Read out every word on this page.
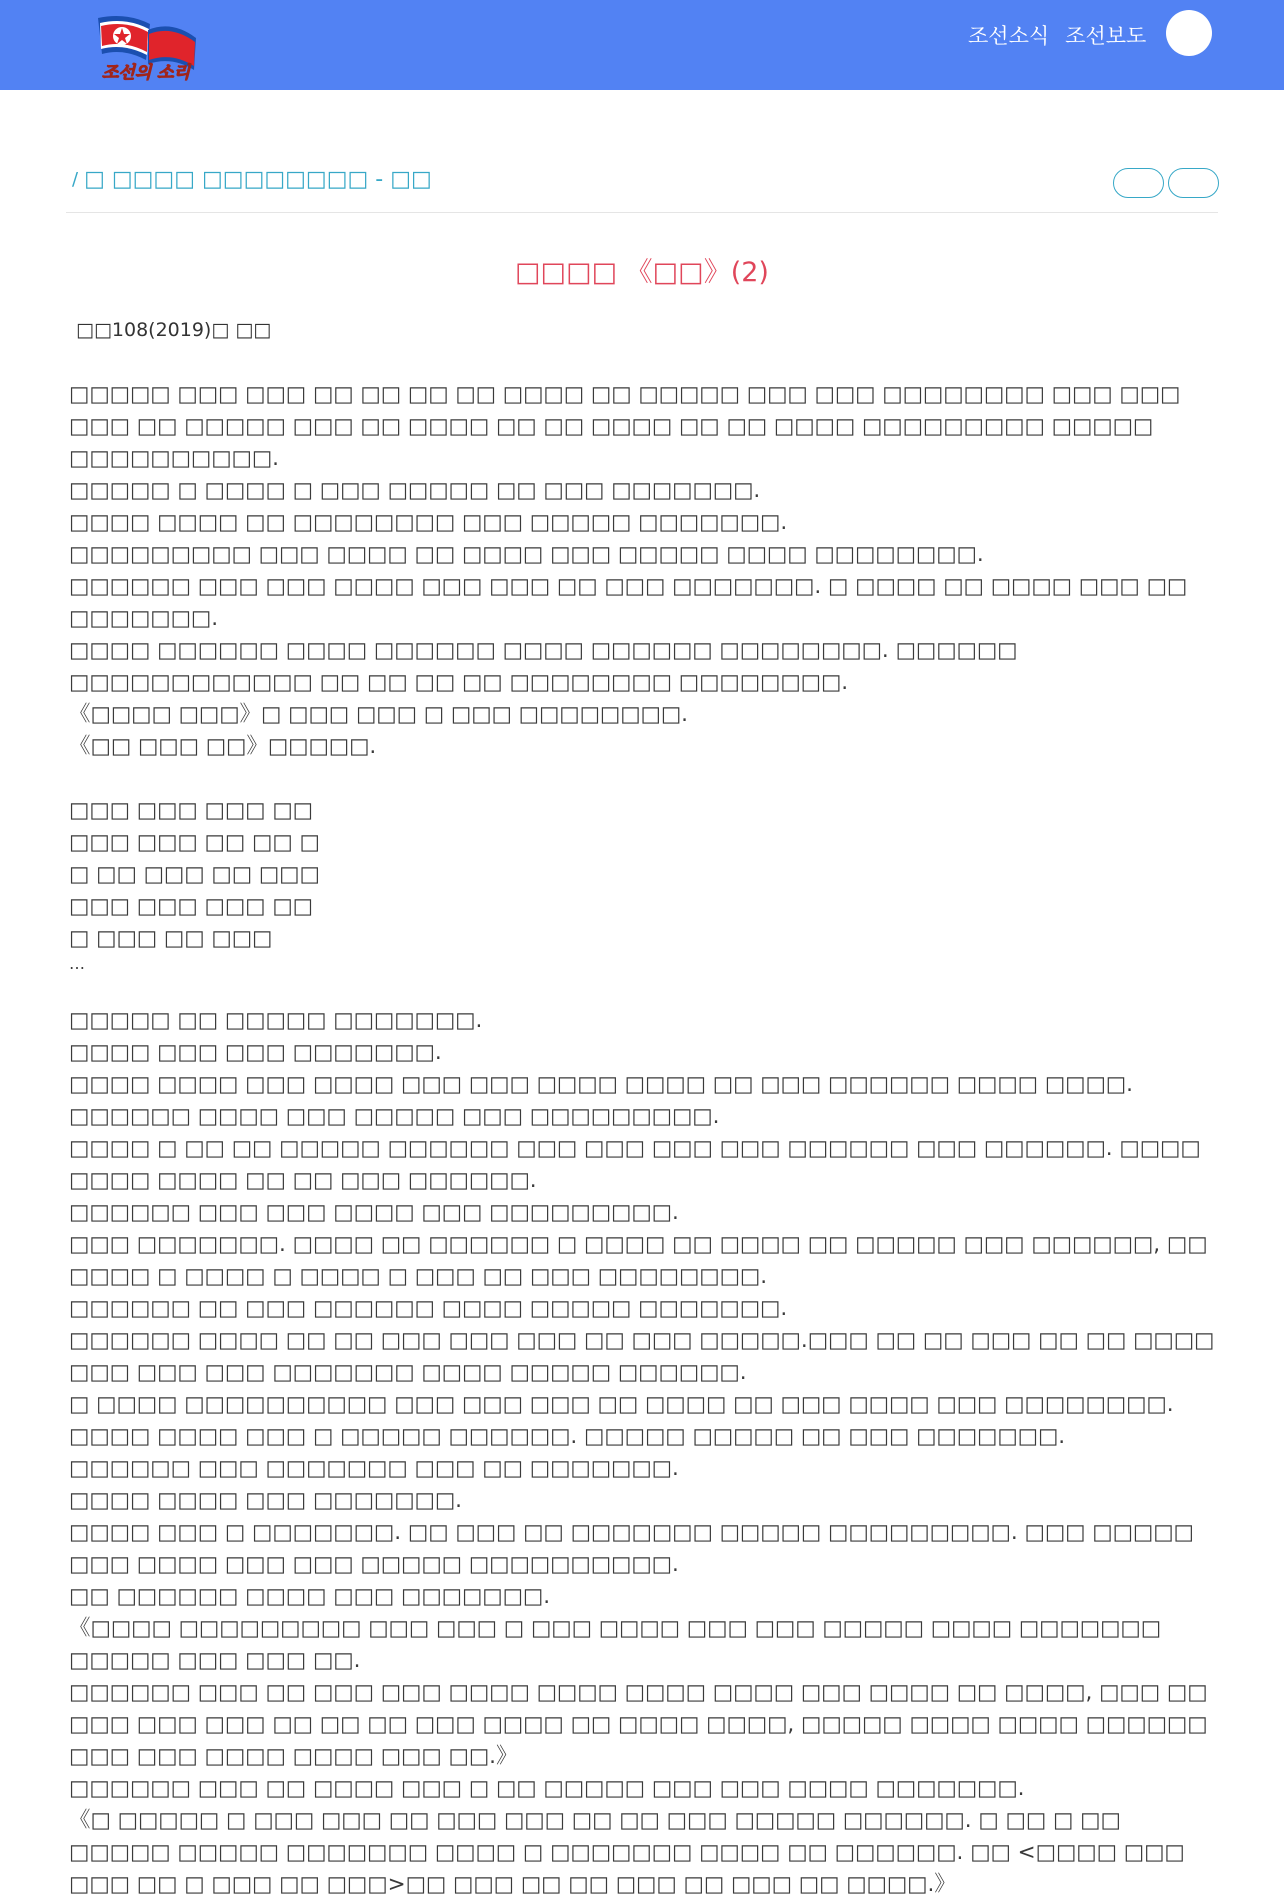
조선의 소리
조선소식 조선보도
/ □ □□□□ □□□□□□□□ - □□
□□□□ 《□□》(2)
□□108(2019)□ □□

□□□□□ □□□ □□□ □□ □□ □□ □□ □□□□ □□ □□□□□ □□□ □□□ □□□□□□□□ □□□ □□□ □□□ □□ □□□□□ □□□ □□ □□□□ □□ □□ □□□□ □□ □□ □□□□ □□□□□□□□□ □□□□□ □□□□□□□□□□.

□□□□□ □ □□□□ □ □□□ □□□□□ □□ □□□ □□□□□□□.

□□□□ □□□□ □□ □□□□□□□□ □□□ □□□□□ □□□□□□□.

□□□□□□□□□ □□□ □□□□ □□ □□□□ □□□ □□□□□ □□□□ □□□□□□□□.

□□□□□□ □□□ □□□ □□□□ □□□ □□□ □□ □□□ □□□□□□□. □ □□□□ □□ □□□□ □□□ □□ □□□□□□□.

□□□□ □□□□□□ □□□□ □□□□□□ □□□□ □□□□□□ □□□□□□□□. □□□□□□ □□□□□□□□□□□□ □□ □□ □□ □□ □□□□□□□□ □□□□□□□□.

《□□□□ □□□》□ □□□ □□□ □ □□□ □□□□□□□□.

《□□ □□□ □□》□□□□□.

□□□ □□□ □□□ □□

□□□ □□□ □□ □□ □

□ □□ □□□ □□ □□□

□□□ □□□ □□□ □□

□ □□□ □□ □□□

…

□□□□□ □□ □□□□□ □□□□□□□.

□□□□ □□□ □□□ □□□□□□□.

□□□□ □□□□ □□□ □□□□ □□□ □□□ □□□□ □□□□ □□ □□□ □□□□□□ □□□□ □□□□.

□□□□□□ □□□□ □□□ □□□□□ □□□ □□□□□□□□□.

□□□□ □ □□ □□ □□□□□ □□□□□□ □□□ □□□ □□□ □□□ □□□□□□ □□□ □□□□□□. □□□□ □□□□ □□□□ □□ □□ □□□ □□□□□□.

□□□□□□ □□□ □□□ □□□□ □□□ □□□□□□□□□.

□□□ □□□□□□□. □□□□ □□ □□□□□□ □ □□□□ □□ □□□□ □□ □□□□□ □□□ □□□□□□, □□ □□□□ □ □□□□ □ □□□□ □ □□□ □□ □□□ □□□□□□□□.

□□□□□□ □□ □□□ □□□□□□ □□□□ □□□□□ □□□□□□□.

□□□□□□ □□□□ □□ □□ □□□ □□□ □□□ □□ □□□ □□□□□.□□□ □□ □□ □□□ □□ □□ □□□□ □□□ □□□ □□□ □□□□□□□ □□□□ □□□□□ □□□□□□.

□ □□□□ □□□□□□□□□□ □□□ □□□ □□□ □□ □□□□ □□ □□□ □□□□ □□□ □□□□□□□□. □□□□ □□□□ □□□ □ □□□□□ □□□□□□. □□□□□ □□□□□ □□ □□□ □□□□□□□.

□□□□□□ □□□ □□□□□□□ □□□ □□ □□□□□□□.

□□□□ □□□□ □□□ □□□□□□□.

□□□□ □□□ □ □□□□□□□. □□ □□□ □□ □□□□□□□ □□□□□ □□□□□□□□□. □□□ □□□□□ □□□ □□□□ □□□ □□□ □□□□□ □□□□□□□□□□.

□□ □□□□□□ □□□□ □□□ □□□□□□□.

《□□□□ □□□□□□□□□ □□□ □□□ □ □□□ □□□□ □□□ □□□ □□□□□ □□□□ □□□□□□□ □□□□□ □□□ □□□ □□.

□□□□□□ □□□ □□ □□□ □□□ □□□□ □□□□ □□□□ □□□□ □□□ □□□□ □□ □□□□, □□□ □□ □□□ □□□ □□□ □□ □□ □□ □□□ □□□□ □□ □□□□ □□□□, □□□□□ □□□□ □□□□ □□□□□□ □□□ □□□ □□□□ □□□□ □□□ □□.》

□□□□□□ □□□ □□ □□□□ □□□ □ □□ □□□□□ □□□ □□□ □□□□ □□□□□□□.

《□ □□□□□ □ □□□ □□□ □□ □□□ □□□ □□ □□ □□□ □□□□□ □□□□□□. □ □□ □ □□ □□□□□ □□□□□ □□□□□□□ □□□□ □ □□□□□□□ □□□□ □□ □□□□□□. □□ <□□□□ □□□ □□□ □□ □ □□□ □□ □□□>□□ □□□ □□ □□ □□□ □□ □□□ □□ □□□□.》
